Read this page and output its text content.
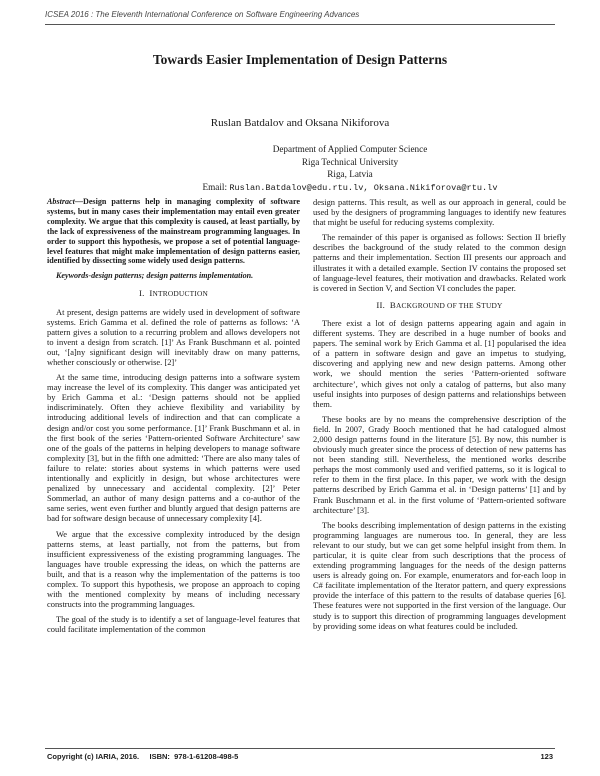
ICSEA 2016 : The Eleventh International Conference on Software Engineering Advances
Towards Easier Implementation of Design Patterns
Ruslan Batdalov and Oksana Nikiforova
Department of Applied Computer Science
Riga Technical University
Riga, Latvia
Email: Ruslan.Batdalov@edu.rtu.lv, Oksana.Nikiforova@rtu.lv

Abstract—Design patterns help in managing complexity of software systems, but in many cases their implementation may entail even greater complexity. We argue that this complexity is caused, at least partially, by the lack of expressiveness of the mainstream programming languages. In order to support this hypothesis, we propose a set of potential language-level features that might make implementation of design patterns easier, identified by dissecting some widely used design patterns.

Keywords-design patterns; design patterns implementation.

I. INTRODUCTION

At present, design patterns are widely used in development of software systems. Erich Gamma et al. defined the role of patterns as follows: ‘A pattern gives a solution to a recurring problem and allows developers not to invent a design from scratch. [1]’ As Frank Buschmann et al. pointed out, ‘[a]ny significant design will inevitably draw on many patterns, whether consciously or otherwise. [2]’

At the same time, introducing design patterns into a software system may increase the level of its complexity. This danger was anticipated yet by Erich Gamma et al.: ‘Design patterns should not be applied indiscriminately. Often they achieve flexibility and variability by introducing additional levels of indirection and that can complicate a design and/or cost you some performance. [1]’ Frank Buschmann et al. in the first book of the series ‘Pattern-oriented Software Architecture’ saw one of the goals of the patterns in helping developers to manage software complexity [3], but in the fifth one admitted: ‘There are also many tales of failure to relate: stories about systems in which patterns were used intentionally and explicitly in design, but whose architectures were penalized by unnecessary and accidental complexity. [2]’ Peter Sommerlad, an author of many design patterns and a co-author of the same series, went even further and bluntly argued that design patterns are bad for software design because of unnecessary complexity [4].

We argue that the excessive complexity introduced by the design patterns stems, at least partially, not from the patterns, but from insufficient expressiveness of the existing programming languages. The languages have trouble expressing the ideas, on which the patterns are built, and that is a reason why the implementation of the patterns is too complex. To support this hypothesis, we propose an approach to coping with the mentioned complexity by means of including necessary constructs into the programming languages.

The goal of the study is to identify a set of language-level features that could facilitate implementation of the common

design patterns. This result, as well as our approach in general, could be used by the designers of programming languages to identify new features that might be useful for reducing systems complexity.

The remainder of this paper is organised as follows: Section II briefly describes the background of the study related to the common design patterns and their implementation. Section III presents our approach and illustrates it with a detailed example. Section IV contains the proposed set of language-level features, their motivation and drawbacks. Related work is covered in Section V, and Section VI concludes the paper.

II. BACKGROUND OF THE STUDY

There exist a lot of design patterns appearing again and again in different systems. They are described in a huge number of books and papers. The seminal work by Erich Gamma et al. [1] popularised the idea of a pattern in software design and gave an impetus to studying, discovering and applying new and new design patterns. Among other work, we should mention the series ‘Pattern-oriented software architecture’, which gives not only a catalog of patterns, but also many useful insights into purposes of design patterns and relationships between them.

These books are by no means the comprehensive description of the field. In 2007, Grady Booch mentioned that he had catalogued almost 2,000 design patterns found in the literature [5]. By now, this number is obviously much greater since the process of detection of new patterns has not been standing still. Nevertheless, the mentioned works describe perhaps the most commonly used and verified patterns, so it is logical to refer to them in the first place. In this paper, we work with the design patterns described by Erich Gamma et al. in ‘Design patterns’ [1] and by Frank Buschmann et al. in the first volume of ‘Pattern-oriented software architecture’ [3].

The books describing implementation of design patterns in the existing programming languages are numerous too. In general, they are less relevant to our study, but we can get some helpful insight from them. In particular, it is quite clear from such descriptions that the process of extending programming languages for the needs of the design patterns users is already going on. For example, enumerators and for-each loop in C# facilitate implementation of the Iterator pattern, and query expressions provide the interface of this pattern to the results of database queries [6]. These features were not supported in the first version of the language. Our study is to support this direction of programming languages development by providing some ideas on what features could be included.

Copyright (c) IARIA, 2016.     ISBN:  978-1-61208-498-5	123
